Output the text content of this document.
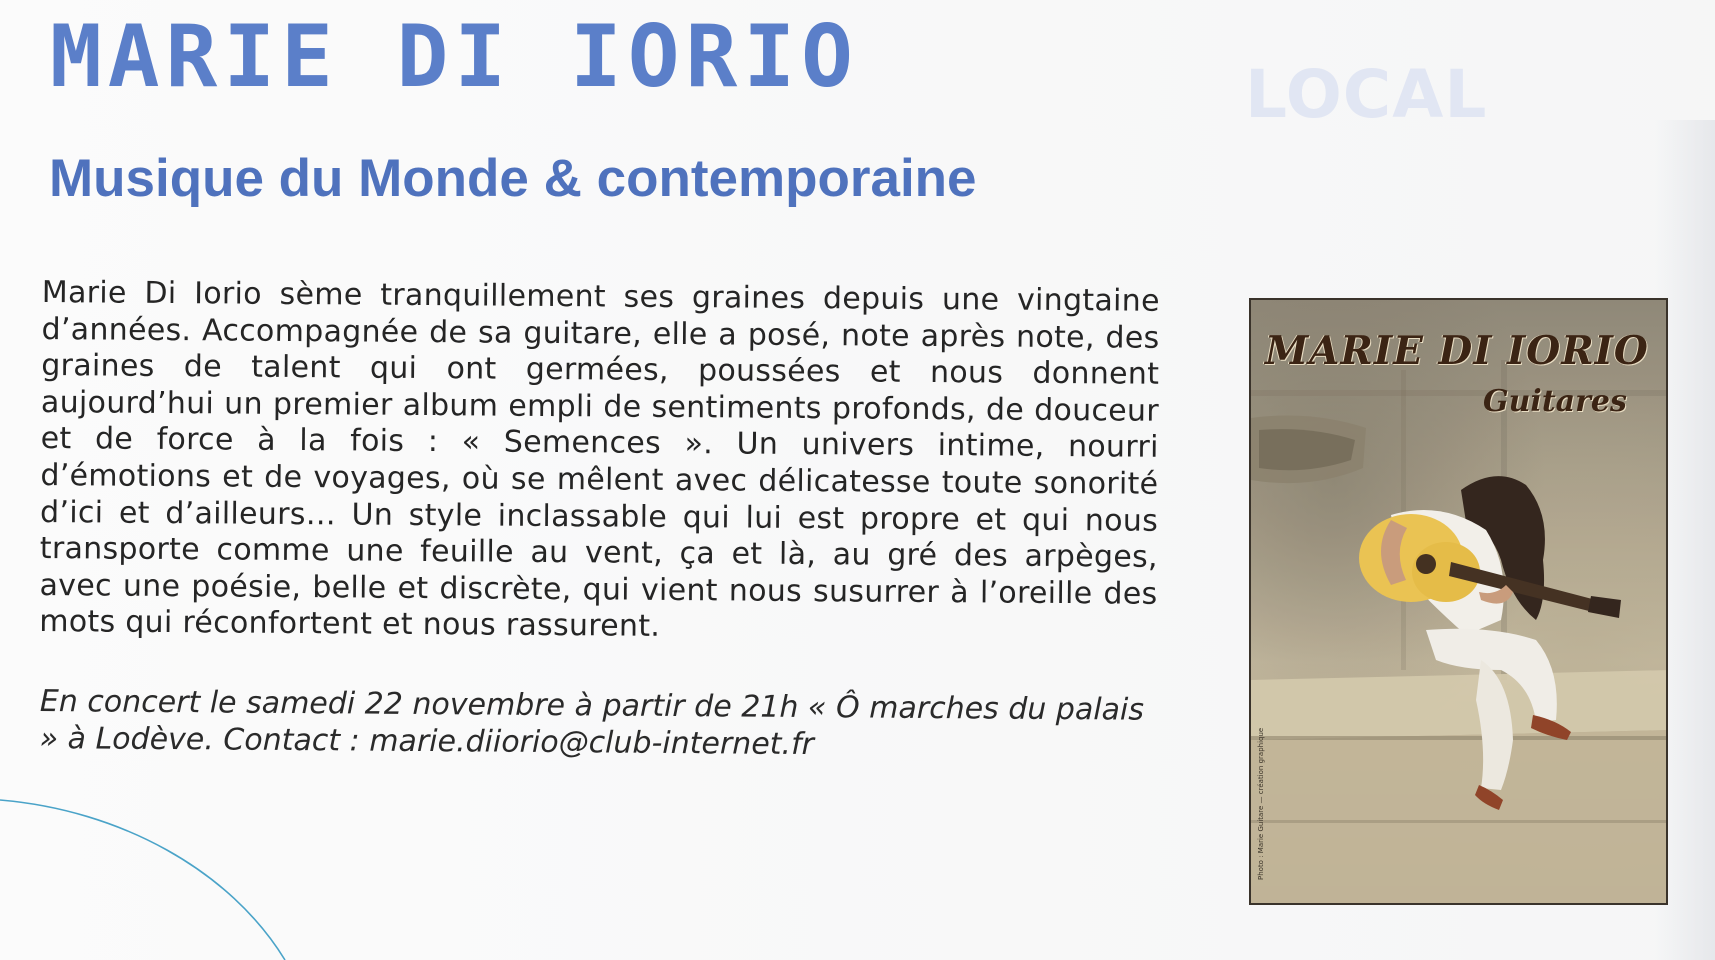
LOCAL
MARIE DI IORIO
Musique du Monde & contemporaine
Marie Di Iorio sème tranquillement ses graines depuis une vingtaine d’années. Accompagnée de sa guitare, elle a posé, note après note, des graines de talent qui ont germées, poussées et nous donnent aujourd’hui un premier album empli de sentiments profonds, de douceur et de force à la fois : « Semences ». Un univers intime, nourri d’émotions et de voyages, où se mêlent avec délicatesse toute sonorité d’ici et d’ailleurs… Un style inclassable qui lui est propre et qui nous transporte comme une feuille au vent, ça et là, au gré des arpèges, avec une poésie, belle et discrète, qui vient nous susurrer à l’oreille des mots qui réconfortent et nous rassurent.
En concert le samedi 22 novembre à partir de 21h « Ô marches du palais » à Lodève. Contact : marie.diiorio@club-internet.fr
MARIE DI IORIO
Guitares
Photo : Marie Guitare — création graphique
